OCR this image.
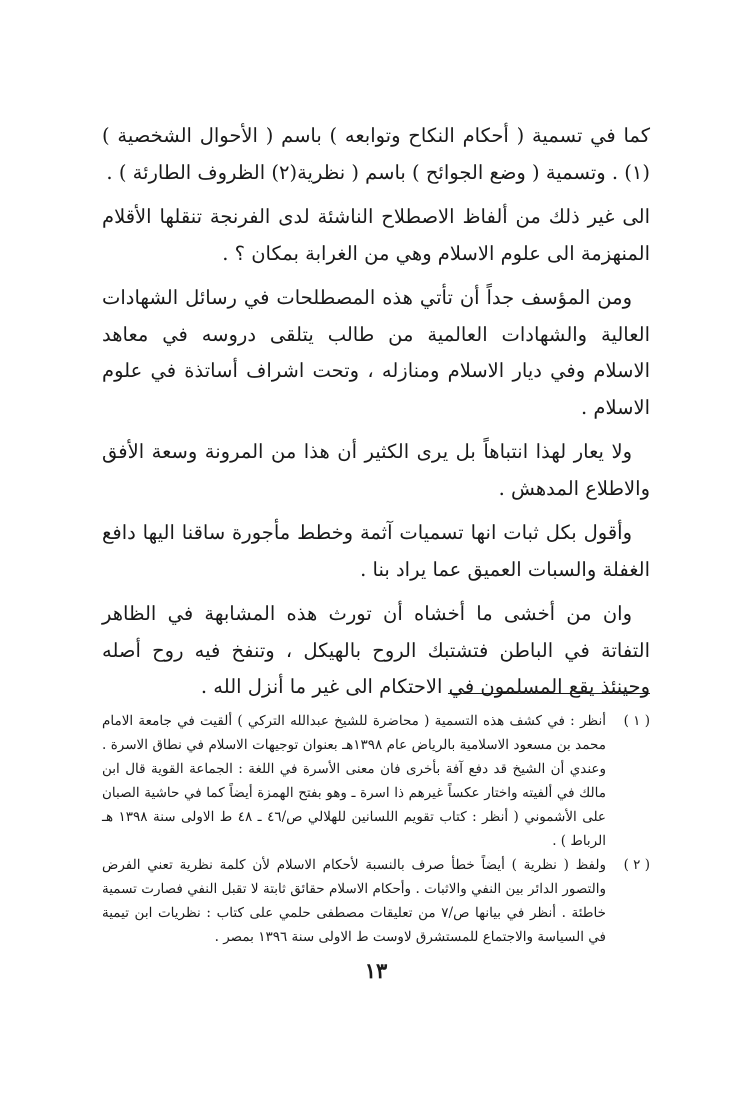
كما في تسمية ( أحكام النكاح وتوابعه ) باسم ( الأحوال الشخصية )(١) . وتسمية ( وضع الجوائح ) باسم ( نظرية(٢) الظروف الطارئة ) .

الى غير ذلك من ألفاظ الاصطلاح الناشئة لدى الفرنجة تنقلها الأقلام المنهزمة الى علوم الاسلام وهي من الغرابة بمكان ؟ .

ومن المؤسف جداً أن تأتي هذه المصطلحات في رسائل الشهادات العالية والشهادات العالمية من طالب يتلقى دروسه في معاهد الاسلام وفي ديار الاسلام ومنازله ، وتحت اشراف أساتذة في علوم الاسلام .

ولا يعار لهذا انتباهاً بل يرى الكثير أن هذا من المرونة وسعة الأفق والاطلاع المدهش .

وأقول بكل ثبات انها تسميات آثمة وخطط مأجورة ساقنا اليها دافع الغفلة والسبات العميق عما يراد بنا .

وان من أخشى ما أخشاه أن تورث هذه المشابهة في الظاهر التفاتة في الباطن فتشتبك الروح بالهيكل ، وتنفخ فيه روح أصله وحينئذ يقع المسلمون في الاحتكام الى غير ما أنزل الله .

( ١ )
أنظر : في كشف هذه التسمية ( محاضرة للشيخ عبدالله التركي ) ألقيت في جامعة الامام محمد بن مسعود الاسلامية بالرياض عام ١٣٩٨هـ بعنوان توجيهات الاسلام في نطاق الاسرة . وعندي أن الشيخ قد دفع آفة بأخرى فان معنى الأسرة في اللغة : الجماعة القوية قال ابن مالك في ألفيته واختار عكساً غيرهم ذا اسرة ـ وهو بفتح الهمزة أيضاً كما في حاشية الصبان على الأشموني ( أنظر : كتاب تقويم اللسانين للهلالي ص/٤٦ ـ ٤٨ ط الاولى سنة ١٣٩٨ هـ الرباط ) .
( ٢ )
ولفظ ( نظرية ) أيضاً خطأ صرف بالنسبة لأحكام الاسلام لأن كلمة نظرية تعني الفرض والتصور الدائر بين النفي والاثبات . وأحكام الاسلام حقائق ثابتة لا تقبل النفي فصارت تسمية خاطئة . أنظر في بيانها ص/٧ من تعليقات مصطفى حلمي على كتاب : نظريات ابن تيمية في السياسة والاجتماع للمستشرق لاوست ط الاولى سنة ١٣٩٦ بمصر .
١٣
